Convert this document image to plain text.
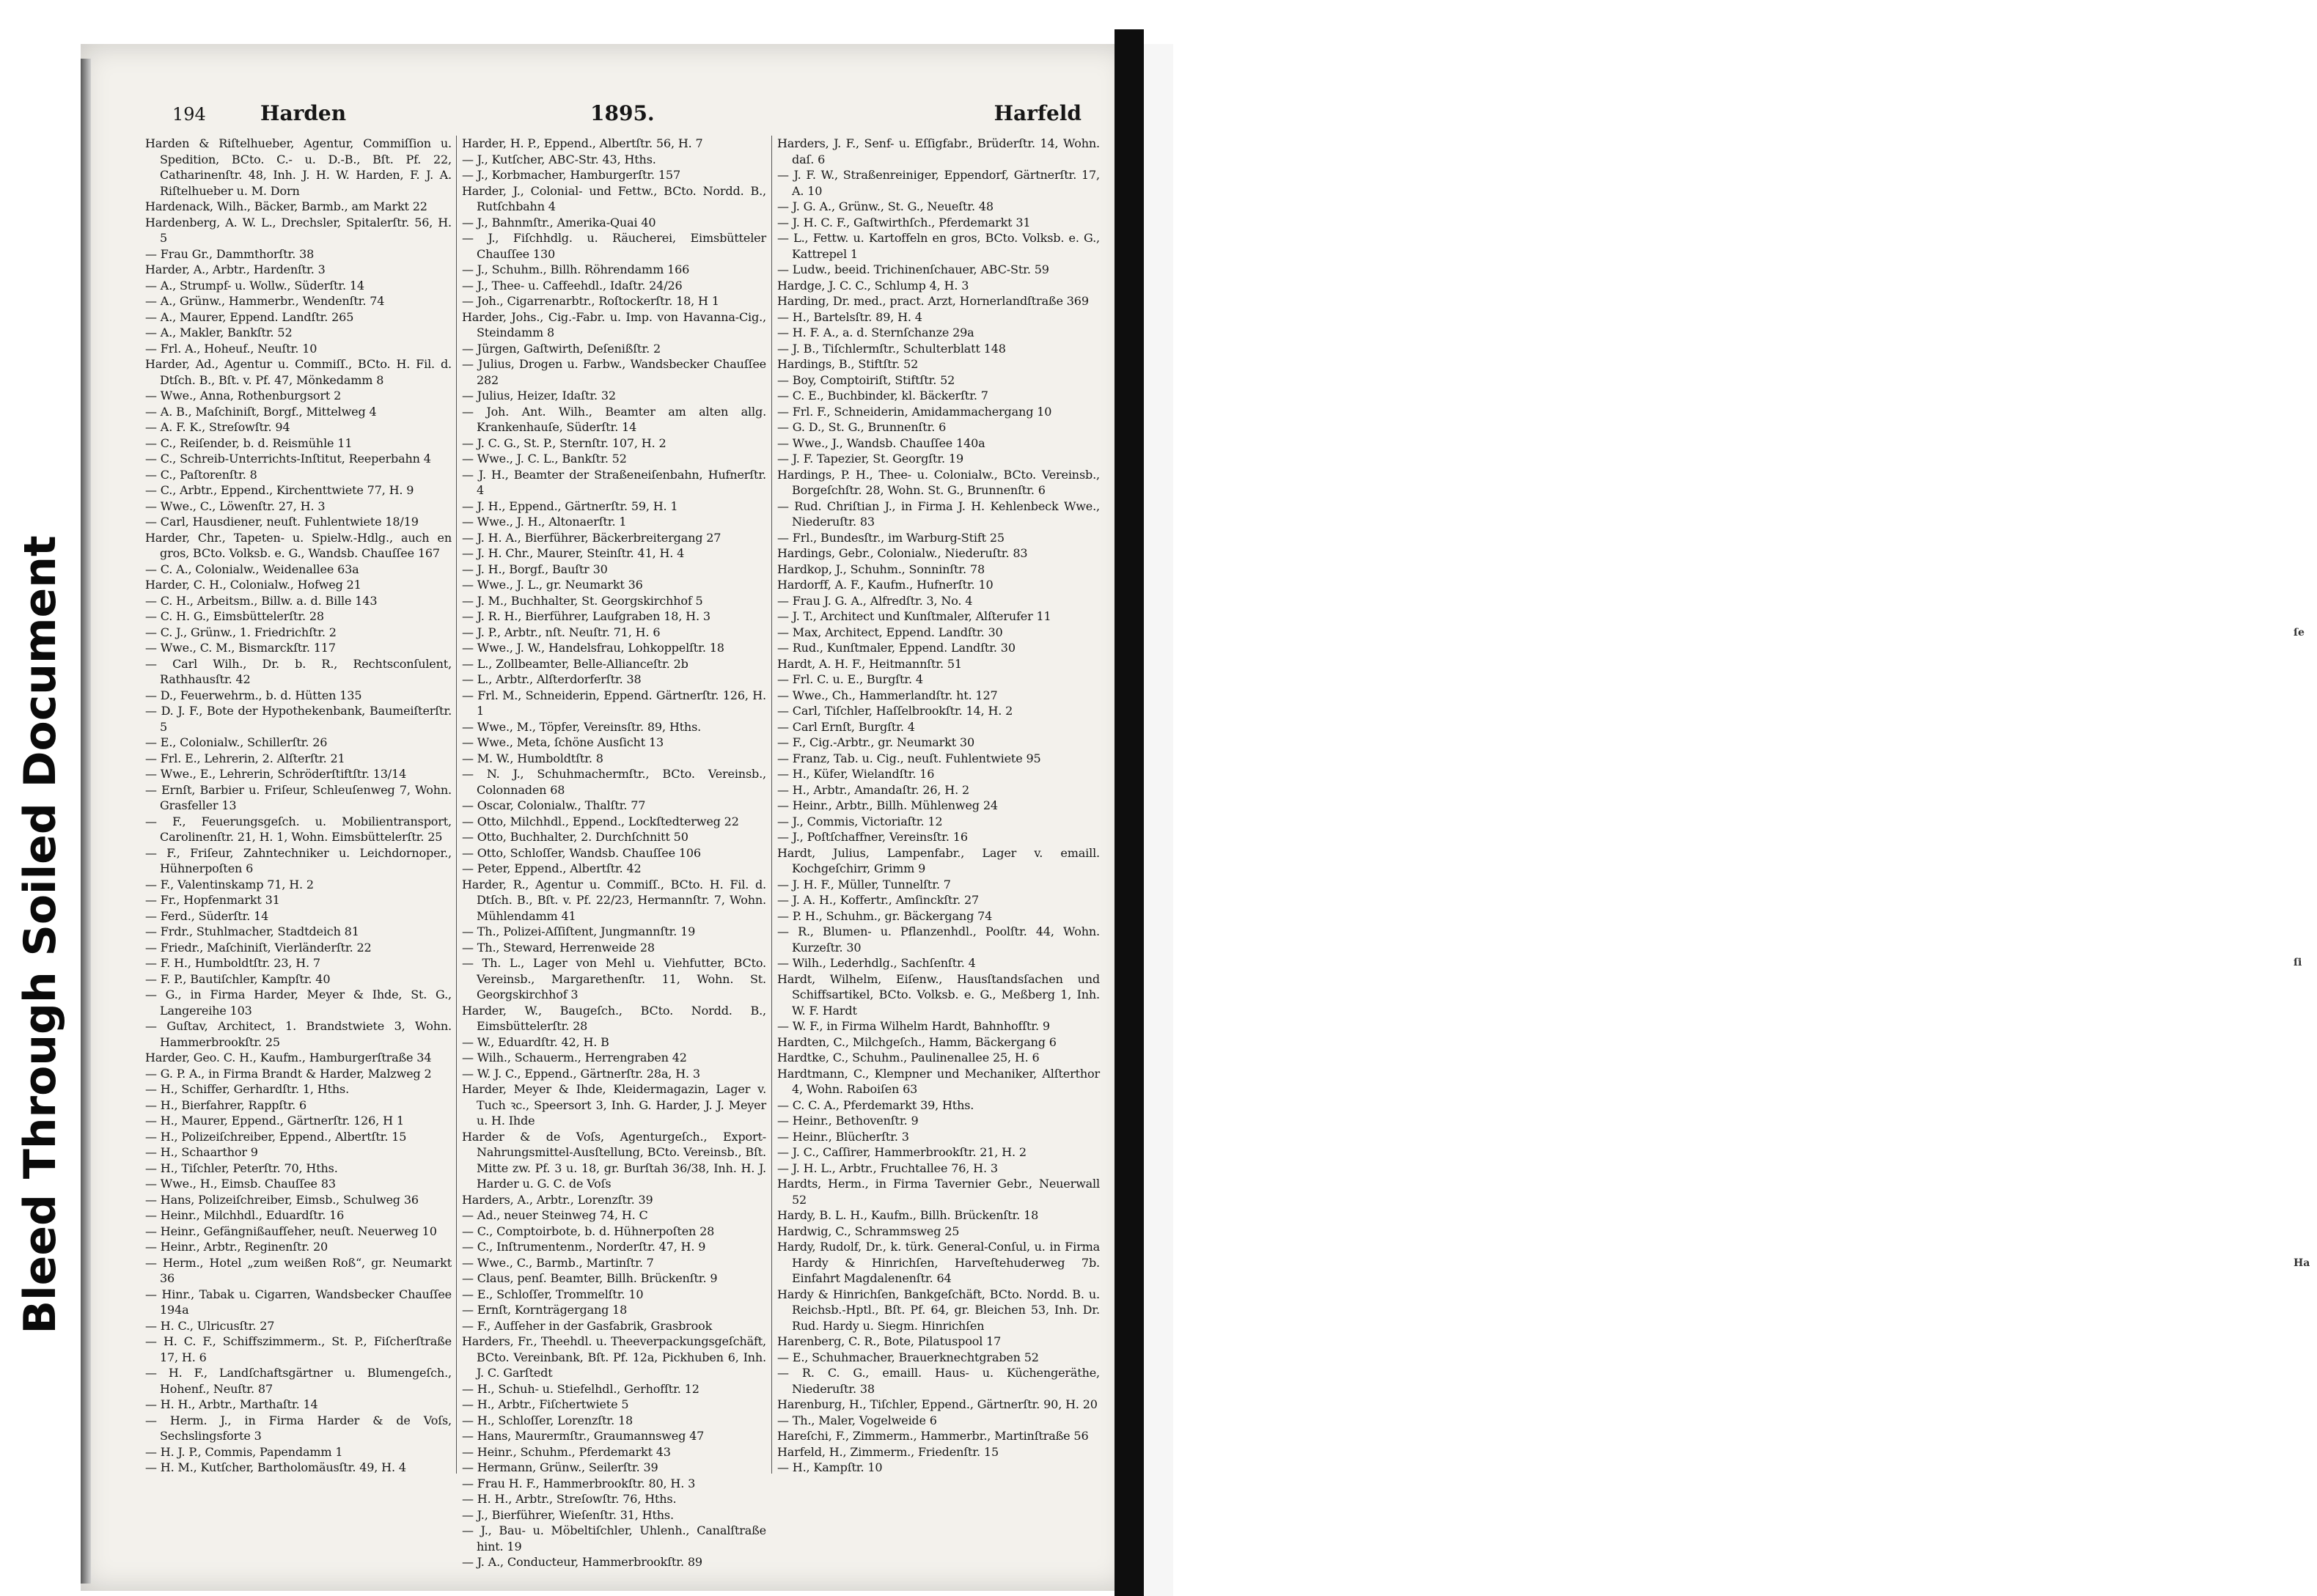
ſe
ſi
Ha
Bleed Through Soiled Document
194	Harden	1895.	Harfeld

Harden & Riſtelhueber, Agentur, Commiſſion u. Spedition, BCto. C.- u. D.-B., Bſt. Pf. 22, Catharinenſtr. 48, Inh. J. H. W. Harden, F. J. A. Riſtelhueber u. M. Dorn

Hardenack, Wilh., Bäcker, Barmb., am Markt 22

Hardenberg, A. W. L., Drechsler, Spitalerſtr. 56, H. 5

— Frau Gr., Dammthorſtr. 38

Harder, A., Arbtr., Hardenſtr. 3

— A., Strumpf- u. Wollw., Süderſtr. 14

— A., Grünw., Hammerbr., Wendenſtr. 74

— A., Maurer, Eppend. Landſtr. 265

— A., Makler, Bankſtr. 52

— Frl. A., Hoheuf., Neuſtr. 10

Harder, Ad., Agentur u. Commiſſ., BCto. H. Fil. d. Dtſch. B., Bſt. v. Pf. 47, Mönkedamm 8

— Wwe., Anna, Rothenburgsort 2

— A. B., Maſchiniſt, Borgf., Mittelweg 4

— A. F. K., Streſowſtr. 94

— C., Reiſender, b. d. Reismühle 11

— C., Schreib-Unterrichts-Inſtitut, Reeperbahn 4

— C., Paſtorenſtr. 8

— C., Arbtr., Eppend., Kirchenttwiete 77, H. 9

— Wwe., C., Löwenſtr. 27, H. 3

— Carl, Hausdiener, neuſt. Fuhlentwiete 18/19

Harder, Chr., Tapeten- u. Spielw.-Hdlg., auch en gros, BCto. Volksb. e. G., Wandsb. Chauſſee 167

— C. A., Colonialw., Weidenallee 63a

Harder, C. H., Colonialw., Hofweg 21

— C. H., Arbeitsm., Billw. a. d. Bille 143

— C. H. G., Eimsbüttelerſtr. 28

— C. J., Grünw., 1. Friedrichſtr. 2

— Wwe., C. M., Bismarckſtr. 117

— Carl Wilh., Dr. b. R., Rechtsconſulent, Rathhausſtr. 42

— D., Feuerwehrm., b. d. Hütten 135

— D. J. F., Bote der Hypothekenbank, Baumeiſterſtr. 5

— E., Colonialw., Schillerſtr. 26

— Frl. E., Lehrerin, 2. Alſterſtr. 21

— Wwe., E., Lehrerin, Schröderſtiftſtr. 13/14

— Ernſt, Barbier u. Friſeur, Schleuſenweg 7, Wohn. Grasfeller 13

— F., Feuerungsgeſch. u. Mobilientransport, Carolinenſtr. 21, H. 1, Wohn. Eimsbüttelerſtr. 25

— F., Friſeur, Zahntechniker u. Leichdornoper., Hühnerpoſten 6

— F., Valentinskamp 71, H. 2

— Fr., Hopfenmarkt 31

— Ferd., Süderſtr. 14

— Frdr., Stuhlmacher, Stadtdeich 81

— Friedr., Maſchiniſt, Vierländerſtr. 22

— F. H., Humboldtſtr. 23, H. 7

— F. P., Bautiſchler, Kampſtr. 40

— G., in Firma Harder, Meyer & Ihde, St. G., Langereihe 103

— Guſtav, Architect, 1. Brandstwiete 3, Wohn. Hammerbrookſtr. 25

Harder, Geo. C. H., Kaufm., Hamburgerſtraße 34

— G. P. A., in Firma Brandt & Harder, Malzweg 2

— H., Schiffer, Gerhardſtr. 1, Hths.

— H., Bierfahrer, Rappſtr. 6

— H., Maurer, Eppend., Gärtnerſtr. 126, H 1

— H., Polizeiſchreiber, Eppend., Albertſtr. 15

— H., Schaarthor 9

— H., Tiſchler, Peterſtr. 70, Hths.

— Wwe., H., Eimsb. Chauſſee 83

— Hans, Polizeiſchreiber, Eimsb., Schulweg 36

— Heinr., Milchhdl., Eduardſtr. 16

— Heinr., Gefängnißaufſeher, neuſt. Neuerweg 10

— Heinr., Arbtr., Reginenſtr. 20

— Herm., Hotel „zum weißen Roß“, gr. Neumarkt 36

— Hinr., Tabak u. Cigarren, Wandsbecker Chauſſee 194a

— H. C., Ulricusſtr. 27

— H. C. F., Schiffszimmerm., St. P., Fiſcherſtraße 17, H. 6

— H. F., Landſchaftsgärtner u. Blumengeſch., Hohenf., Neuſtr. 87

— H. H., Arbtr., Marthaſtr. 14

— Herm. J., in Firma Harder & de Voſs, Sechslingsforte 3

— H. J. P., Commis, Papendamm 1

— H. M., Kutſcher, Bartholomäusſtr. 49, H. 4

Harder, H. P., Eppend., Albertſtr. 56, H. 7

— J., Kutſcher, ABC-Str. 43, Hths.

— J., Korbmacher, Hamburgerſtr. 157

Harder, J., Colonial- und Fettw., BCto. Nordd. B., Rutſchbahn 4

— J., Bahnmſtr., Amerika-Quai 40

— J., Fiſchhdlg. u. Räucherei, Eimsbütteler Chauſſee 130

— J., Schuhm., Billh. Röhrendamm 166

— J., Thee- u. Caffeehdl., Idaſtr. 24/26

— Joh., Cigarrenarbtr., Roſtockerſtr. 18, H 1

Harder, Johs., Cig.-Fabr. u. Imp. von Havanna-Cig., Steindamm 8

— Jürgen, Gaſtwirth, Deſenißſtr. 2

— Julius, Drogen u. Farbw., Wandsbecker Chauſſee 282

— Julius, Heizer, Idaſtr. 32

— Joh. Ant. Wilh., Beamter am alten allg. Krankenhauſe, Süderſtr. 14

— J. C. G., St. P., Sternſtr. 107, H. 2

— Wwe., J. C. L., Bankſtr. 52

— J. H., Beamter der Straßeneiſenbahn, Hufnerſtr. 4

— J. H., Eppend., Gärtnerſtr. 59, H. 1

— Wwe., J. H., Altonaerſtr. 1

— J. H. A., Bierführer, Bäckerbreitergang 27

— J. H. Chr., Maurer, Steinſtr. 41, H. 4

— J. H., Borgf., Bauſtr 30

— Wwe., J. L., gr. Neumarkt 36

— J. M., Buchhalter, St. Georgskirchhof 5

— J. R. H., Bierführer, Laufgraben 18, H. 3

— J. P., Arbtr., nſt. Neuſtr. 71, H. 6

— Wwe., J. W., Handelsfrau, Lohkoppelſtr. 18

— L., Zollbeamter, Belle-Allianceſtr. 2b

— L., Arbtr., Alſterdorferſtr. 38

— Frl. M., Schneiderin, Eppend. Gärtnerſtr. 126, H. 1

— Wwe., M., Töpfer, Vereinsſtr. 89, Hths.

— Wwe., Meta, ſchöne Ausſicht 13

— M. W., Humboldtſtr. 8

— N. J., Schuhmachermſtr., BCto. Vereinsb., Colonnaden 68

— Oscar, Colonialw., Thalſtr. 77

— Otto, Milchhdl., Eppend., Lockſtedterweg 22

— Otto, Buchhalter, 2. Durchſchnitt 50

— Otto, Schloſſer, Wandsb. Chauſſee 106

— Peter, Eppend., Albertſtr. 42

Harder, R., Agentur u. Commiſſ., BCto. H. Fil. d. Dtſch. B., Bſt. v. Pf. 22/23, Hermannſtr. 7, Wohn. Mühlendamm 41

— Th., Polizei-Aſſiſtent, Jungmannſtr. 19

— Th., Steward, Herrenweide 28

— Th. L., Lager von Mehl u. Viehfutter, BCto. Vereinsb., Margarethenſtr. 11, Wohn. St. Georgskirchhof 3

Harder, W., Baugeſch., BCto. Nordd. B., Eimsbüttelerſtr. 28

— W., Eduardſtr. 42, H. B

— Wilh., Schauerm., Herrengraben 42

— W. J. C., Eppend., Gärtnerſtr. 28a, H. 3

Harder, Meyer & Ihde, Kleidermagazin, Lager v. Tuch ꝛc., Speersort 3, Inh. G. Harder, J. J. Meyer u. H. Ihde

Harder & de Voſs, Agenturgeſch., Export-Nahrungsmittel-Ausſtellung, BCto. Vereinsb., Bſt. Mitte zw. Pf. 3 u. 18, gr. Burſtah 36/38, Inh. H. J. Harder u. G. C. de Voſs

Harders, A., Arbtr., Lorenzſtr. 39

— Ad., neuer Steinweg 74, H. C

— C., Comptoirbote, b. d. Hühnerpoſten 28

— C., Inſtrumentenm., Norderſtr. 47, H. 9

— Wwe., C., Barmb., Martinſtr. 7

— Claus, penſ. Beamter, Billh. Brückenſtr. 9

— E., Schloſſer, Trommelſtr. 10

— Ernſt, Kornträgergang 18

— F., Aufſeher in der Gasfabrik, Grasbrook

Harders, Fr., Theehdl. u. Theeverpackungsgeſchäft, BCto. Vereinbank, Bſt. Pf. 12a, Pickhuben 6, Inh. J. C. Garſtedt

— H., Schuh- u. Stiefelhdl., Gerhofſtr. 12

— H., Arbtr., Fiſchertwiete 5

— H., Schloſſer, Lorenzſtr. 18

— Hans, Maurermſtr., Graumannsweg 47

— Heinr., Schuhm., Pferdemarkt 43

— Hermann, Grünw., Seilerſtr. 39

— Frau H. F., Hammerbrookſtr. 80, H. 3

— H. H., Arbtr., Streſowſtr. 76, Hths.

— J., Bierführer, Wieſenſtr. 31, Hths.

— J., Bau- u. Möbeltiſchler, Uhlenh., Canalſtraße hint. 19

— J. A., Conducteur, Hammerbrookſtr. 89

Harders, J. F., Senf- u. Eſſigfabr., Brüderſtr. 14, Wohn. daſ. 6

— J. F. W., Straßenreiniger, Eppendorf, Gärtnerſtr. 17, A. 10

— J. G. A., Grünw., St. G., Neueſtr. 48

— J. H. C. F., Gaſtwirthſch., Pferdemarkt 31

— L., Fettw. u. Kartoffeln en gros, BCto. Volksb. e. G., Kattrepel 1

— Ludw., beeid. Trichinenſchauer, ABC-Str. 59

Hardge, J. C. C., Schlump 4, H. 3

Harding, Dr. med., pract. Arzt, Hornerlandſtraße 369

— H., Bartelsſtr. 89, H. 4

— H. F. A., a. d. Sternſchanze 29a

— J. B., Tiſchlermſtr., Schulterblatt 148

Hardings, B., Stiftſtr. 52

— Boy, Comptoiriſt, Stiftſtr. 52

— C. E., Buchbinder, kl. Bäckerſtr. 7

— Frl. F., Schneiderin, Amidammachergang 10

— G. D., St. G., Brunnenſtr. 6

— Wwe., J., Wandsb. Chauſſee 140a

— J. F. Tapezier, St. Georgſtr. 19

Hardings, P. H., Thee- u. Colonialw., BCto. Vereinsb., Borgeſchſtr. 28, Wohn. St. G., Brunnenſtr. 6

— Rud. Chriſtian J., in Firma J. H. Kehlenbeck Wwe., Niederuſtr. 83

— Frl., Bundesſtr., im Warburg-Stift 25

Hardings, Gebr., Colonialw., Niederuſtr. 83

Hardkop, J., Schuhm., Sonninſtr. 78

Hardorff, A. F., Kaufm., Hufnerſtr. 10

— Frau J. G. A., Alfredſtr. 3, No. 4

— J. T., Architect und Kunſtmaler, Alſterufer 11

— Max, Architect, Eppend. Landſtr. 30

— Rud., Kunſtmaler, Eppend. Landſtr. 30

Hardt, A. H. F., Heitmannſtr. 51

— Frl. C. u. E., Burgſtr. 4

— Wwe., Ch., Hammerlandſtr. ht. 127

— Carl, Tiſchler, Haſſelbrookſtr. 14, H. 2

— Carl Ernſt, Burgſtr. 4

— F., Cig.-Arbtr., gr. Neumarkt 30

— Franz, Tab. u. Cig., neuſt. Fuhlentwiete 95

— H., Küfer, Wielandſtr. 16

— H., Arbtr., Amandaſtr. 26, H. 2

— Heinr., Arbtr., Billh. Mühlenweg 24

— J., Commis, Victoriaſtr. 12

— J., Poſtſchaffner, Vereinsſtr. 16

Hardt, Julius, Lampenfabr., Lager v. emaill. Kochgeſchirr, Grimm 9

— J. H. F., Müller, Tunnelſtr. 7

— J. A. H., Koffertr., Amſinckſtr. 27

— P. H., Schuhm., gr. Bäckergang 74

— R., Blumen- u. Pflanzenhdl., Poolſtr. 44, Wohn. Kurzeſtr. 30

— Wilh., Lederhdlg., Sachſenſtr. 4

Hardt, Wilhelm, Eiſenw., Hausſtandsſachen und Schiffsartikel, BCto. Volksb. e. G., Meßberg 1, Inh. W. F. Hardt

— W. F., in Firma Wilhelm Hardt, Bahnhofſtr. 9

Hardten, C., Milchgeſch., Hamm, Bäckergang 6

Hardtke, C., Schuhm., Paulinenallee 25, H. 6

Hardtmann, C., Klempner und Mechaniker, Alſterthor 4, Wohn. Raboiſen 63

— C. C. A., Pferdemarkt 39, Hths.

— Heinr., Bethovenſtr. 9

— Heinr., Blücherſtr. 3

— J. C., Caſſirer, Hammerbrookſtr. 21, H. 2

— J. H. L., Arbtr., Fruchtallee 76, H. 3

Hardts, Herm., in Firma Tavernier Gebr., Neuerwall 52

Hardy, B. L. H., Kaufm., Billh. Brückenſtr. 18

Hardwig, C., Schrammsweg 25

Hardy, Rudolf, Dr., k. türk. General-Conſul, u. in Firma Hardy & Hinrichſen, Harveſtehuderweg 7b. Einfahrt Magdalenenſtr. 64

Hardy & Hinrichſen, Bankgeſchäft, BCto. Nordd. B. u. Reichsb.-Hptl., Bſt. Pf. 64, gr. Bleichen 53, Inh. Dr. Rud. Hardy u. Siegm. Hinrichſen

Harenberg, C. R., Bote, Pilatuspool 17

— E., Schuhmacher, Brauerknechtgraben 52

— R. C. G., emaill. Haus- u. Küchengeräthe, Niederuſtr. 38

Harenburg, H., Tiſchler, Eppend., Gärtnerſtr. 90, H. 20

— Th., Maler, Vogelweide 6

Hareſchi, F., Zimmerm., Hammerbr., Martinſtraße 56

Harfeld, H., Zimmerm., Friedenſtr. 15

— H., Kampſtr. 10
